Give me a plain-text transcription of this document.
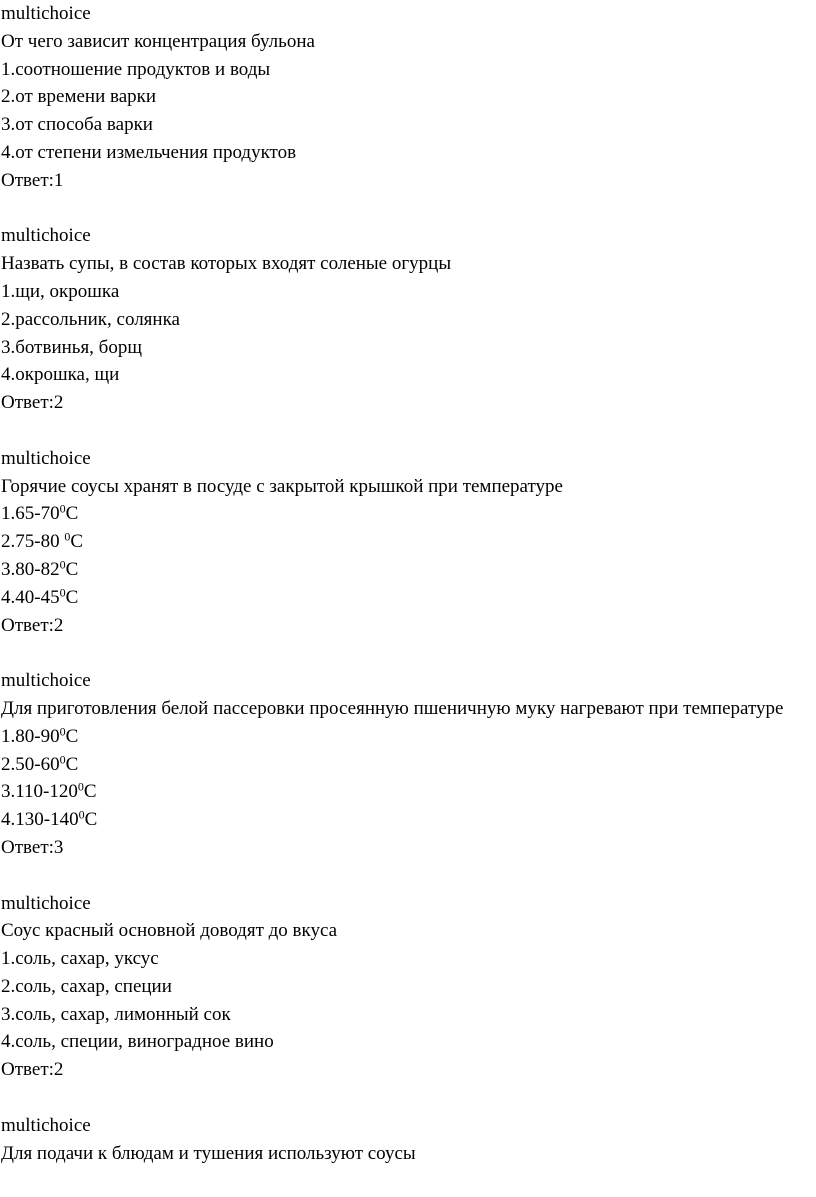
multichoice
От чего зависит концентрация бульона
1.соотношение продуктов и воды
2.от времени варки
3.от способа варки
4.от степени измельчения продуктов
Ответ:1
multichoice
Назвать супы, в состав которых входят соленые огурцы
1.щи, окрошка
2.рассольник, солянка
3.ботвинья, борщ
4.окрошка, щи
Ответ:2
multichoice
Горячие соусы хранят в посуде с закрытой крышкой при температуре
$1.65-70^0С$
2.75-80 $^0$С
$3.80-82^0С$
$4.40-45^0С$
Ответ:2
multichoice
Для приготовления белой пассеровки просеянную пшеничную муку нагревают при температуре
$1.80-90^0С$
$2.50-60^0С$
$3.110-120^0С$
$4.130-140^0С$
Ответ:3
multichoice
Соус красный основной доводят до вкуса
1.соль, сахар, уксус
2.соль, сахар, специи
3.соль, сахар, лимонный сок
4.соль, специи, виноградное вино
Ответ:2
multichoice
Для подачи к блюдам и тушения используют соусы
